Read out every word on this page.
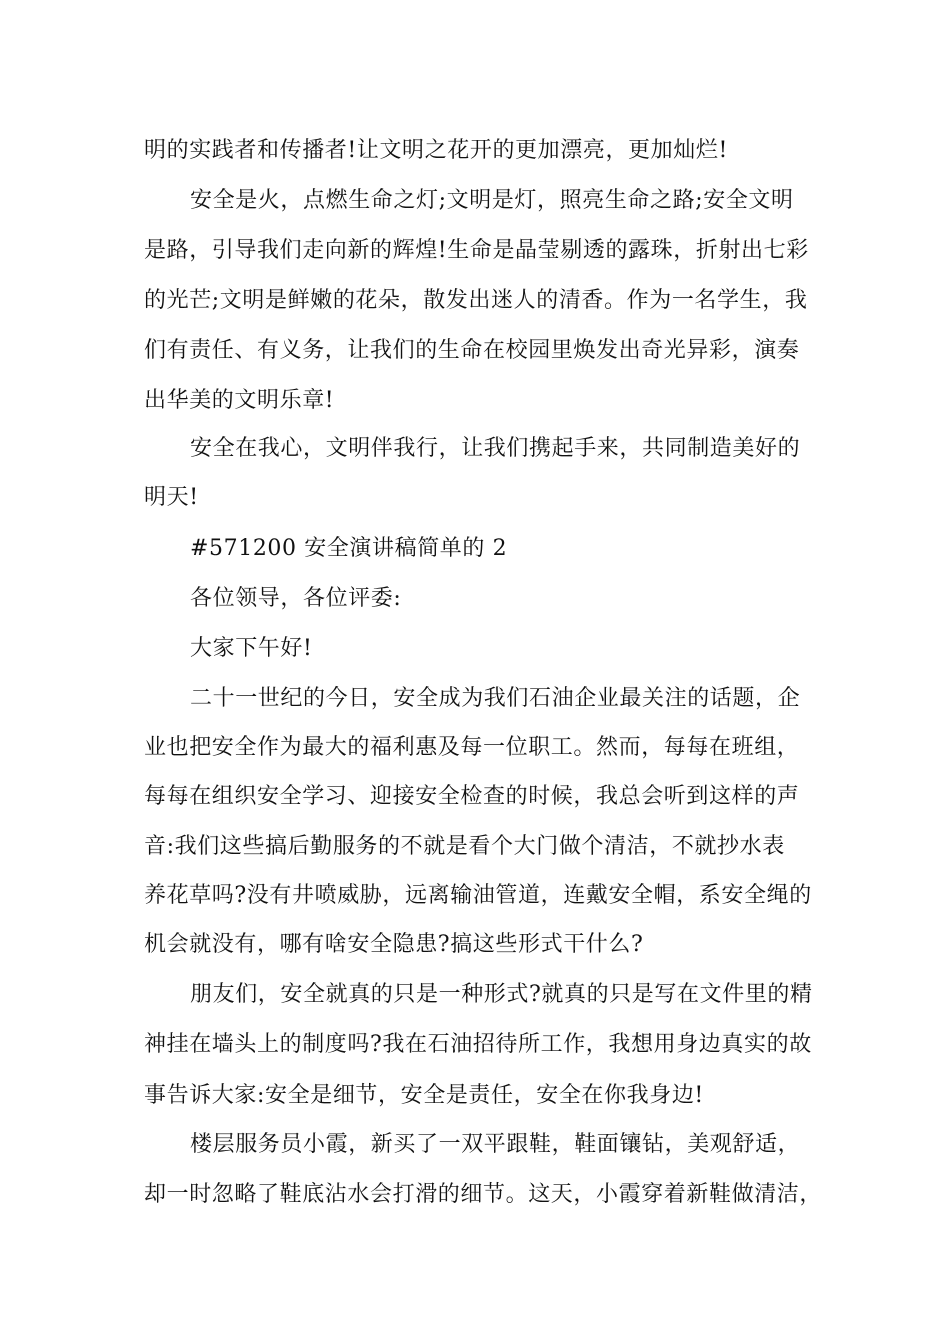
明的实践者和传播者!让文明之花开的更加漂亮，更加灿烂!

安全是火，点燃生命之灯;文明是灯，照亮生命之路;安全文明

是路，引导我们走向新的辉煌!生命是晶莹剔透的露珠，折射出七彩

的光芒;文明是鲜嫩的花朵，散发出迷人的清香。作为一名学生，我

们有责任、有义务，让我们的生命在校园里焕发出奇光异彩，演奏

出华美的文明乐章!

安全在我心，文明伴我行，让我们携起手来，共同制造美好的

明天!

#571200 安全演讲稿简单的 2

各位领导，各位评委:

大家下午好!

二十一世纪的今日，安全成为我们石油企业最关注的话题，企

业也把安全作为最大的福利惠及每一位职工。然而，每每在班组，

每每在组织安全学习、迎接安全检查的时候，我总会听到这样的声

音:我们这些搞后勤服务的不就是看个大门做个清洁，不就抄水表

养花草吗?没有井喷威胁，远离输油管道，连戴安全帽，系安全绳的

机会就没有，哪有啥安全隐患?搞这些形式干什么?

朋友们，安全就真的只是一种形式?就真的只是写在文件里的精

神挂在墙头上的制度吗?我在石油招待所工作，我想用身边真实的故

事告诉大家:安全是细节，安全是责任，安全在你我身边!

楼层服务员小霞，新买了一双平跟鞋，鞋面镶钻，美观舒适，

却一时忽略了鞋底沾水会打滑的细节。这天，小霞穿着新鞋做清洁，
